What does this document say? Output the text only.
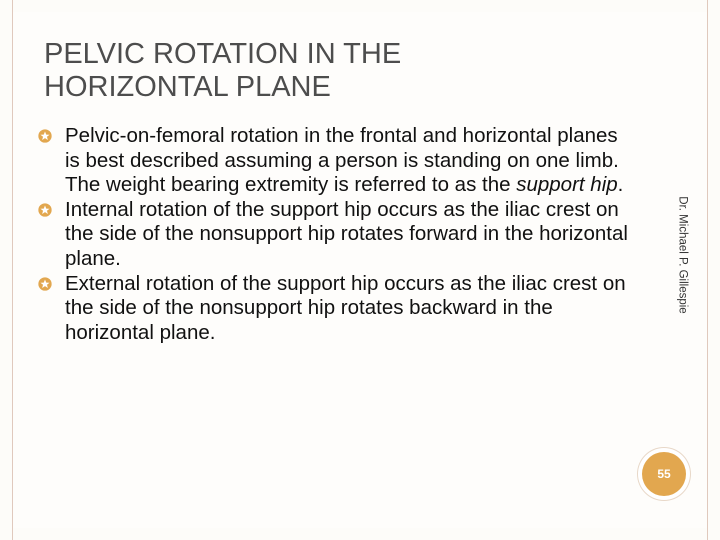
PELVIC ROTATION IN THE
HORIZONTAL PLANE
Pelvic-on-femoral rotation in the frontal and horizontal planes is best described assuming a person is standing on one limb. The weight bearing extremity is referred to as the support hip.
Internal rotation of the support hip occurs as the iliac crest on the side of the nonsupport hip rotates forward in the horizontal plane.
External rotation of the support hip occurs as the iliac crest on the side of the nonsupport hip rotates backward in the horizontal plane.
Dr. Michael P. Gillespie
55
